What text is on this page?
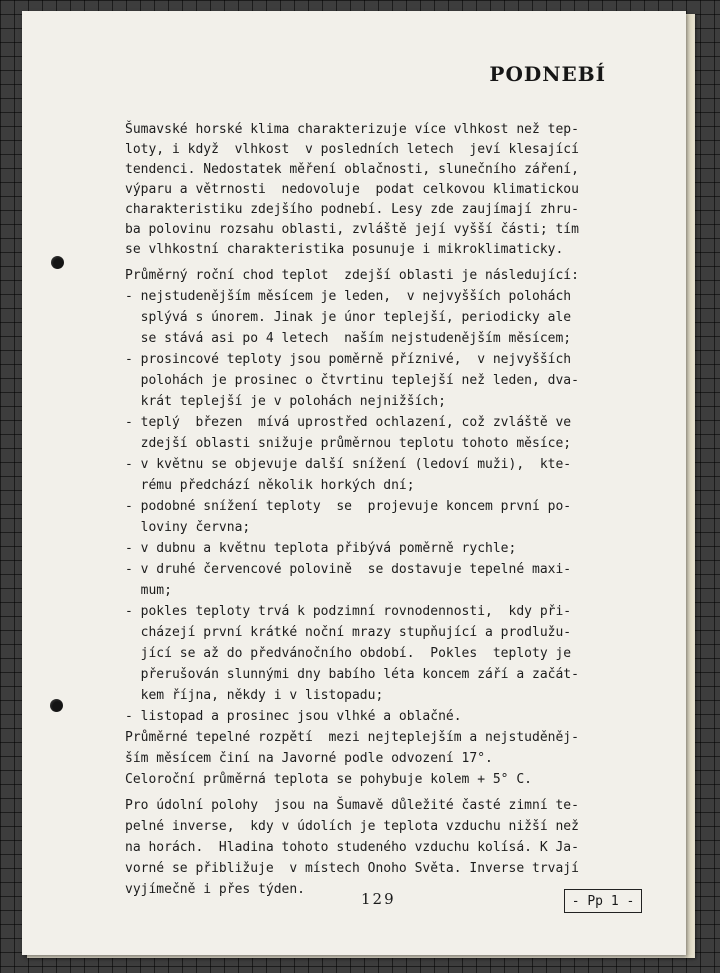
PODNEBÍ

Šumavské horské klima charakterizuje více vlhkost než tep-

loty, i když  vlhkost  v posledních letech  jeví klesající

tendenci. Nedostatek měření oblačnosti, slunečního záření,

výparu a větrnosti  nedovoluje  podat celkovou klimatickou

charakteristiku zdejšího podnebí. Lesy zde zaujímají zhru-

ba polovinu rozsahu oblasti, zvláště její vyšší části; tím

se vlhkostní charakteristika posunuje i mikroklimaticky.

Průměrný roční chod teplot  zdejší oblasti je následující:

- nejstudenějším měsícem je leden,  v nejvyšších polohách

splývá s únorem. Jinak je únor teplejší, periodicky ale

se stává asi po 4 letech  naším nejstudenějším měsícem;

- prosincové teploty jsou poměrně příznivé,  v nejvyšších

polohách je prosinec o čtvrtinu teplejší než leden, dva-

krát teplejší je v polohách nejnižších;

- teplý  březen  mívá uprostřed ochlazení, což zvláště ve

zdejší oblasti snižuje průměrnou teplotu tohoto měsíce;

- v květnu se objevuje další snížení (ledoví muži),  kte-

rému předchází několik horkých dní;

- podobné snížení teploty  se  projevuje koncem první po-

loviny června;

- v dubnu a květnu teplota přibývá poměrně rychle;

- v druhé červencové polovině  se dostavuje tepelné maxi-

mum;

- pokles teploty trvá k podzimní rovnodennosti,  kdy při-

cházejí první krátké noční mrazy stupňující a prodlužu-

jící se až do předvánočního období.  Pokles  teploty je

přerušován slunnými dny babího léta koncem září a začát-

kem října, někdy i v listopadu;

- listopad a prosinec jsou vlhké a oblačné.

Průměrné tepelné rozpětí  mezi nejteplejším a nejstuděněj-

ším měsícem činí na Javorné podle odvození 17°.

Celoroční průměrná teplota se pohybuje kolem + 5° C.

Pro údolní polohy  jsou na Šumavě důležité časté zimní te-

pelné inverse,  kdy v údolích je teplota vzduchu nižší než

na horách.  Hladina tohoto studeného vzduchu kolísá. K Ja-

vorné se přibližuje  v místech Onoho Světa. Inverse trvají

vyjímečně i přes týden.

129	- Pp 1 -
